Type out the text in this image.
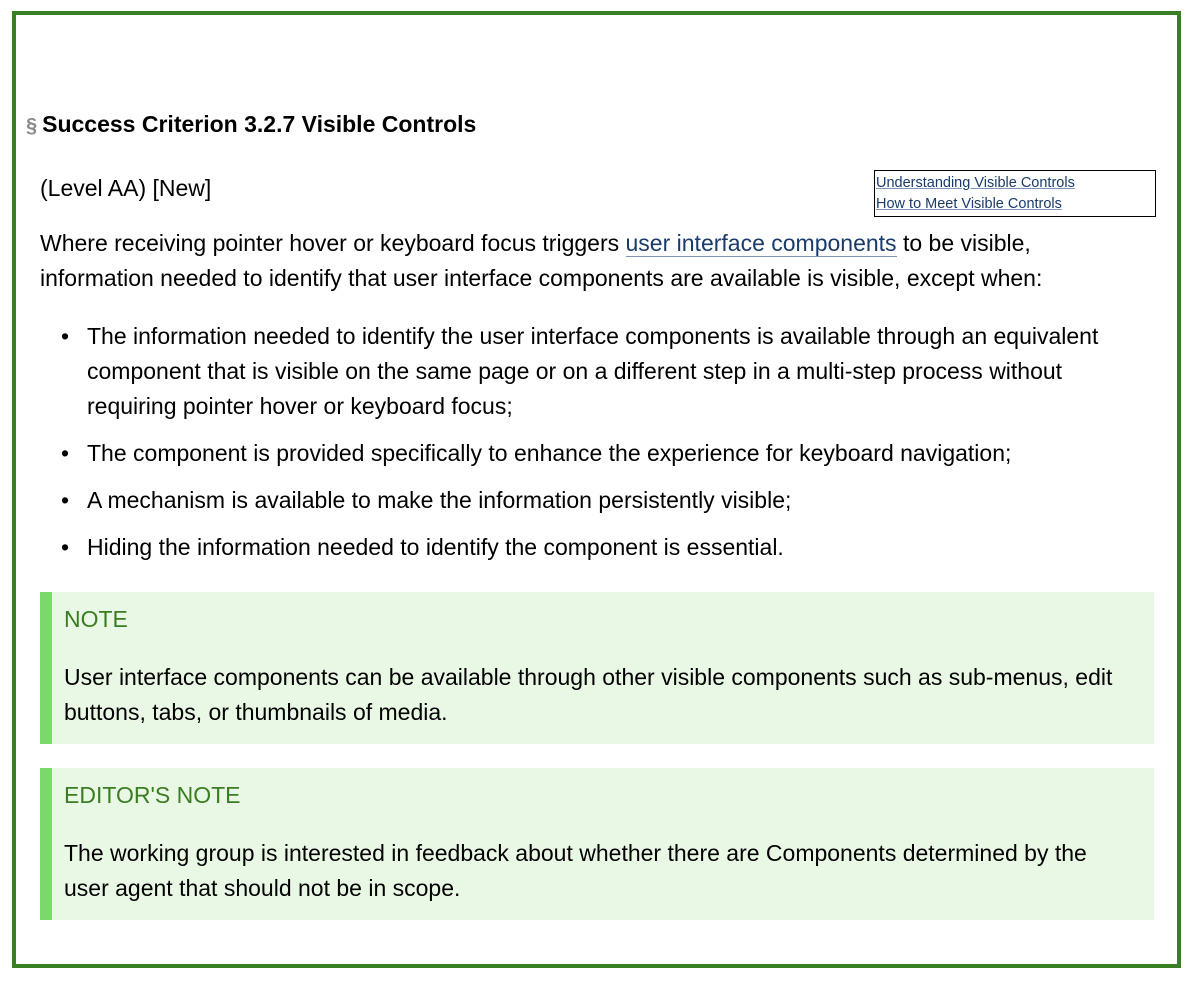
§ Success Criterion 3.2.7 Visible Controls

(Level AA) [New]	Understanding Visible Controls
How to Meet Visible Controls

Where receiving pointer hover or keyboard focus triggers user interface components to be visible, information needed to identify that user interface components are available is visible, except when:

• The information needed to identify the user interface components is available through an equivalent component that is visible on the same page or on a different step in a multi-step process without requiring pointer hover or keyboard focus;
• The component is provided specifically to enhance the experience for keyboard navigation;
• A mechanism is available to make the information persistently visible;
• Hiding the information needed to identify the component is essential.

NOTE

User interface components can be available through other visible components such as sub-menus, edit buttons, tabs, or thumbnails of media.

EDITOR'S NOTE

The working group is interested in feedback about whether there are Components determined by the user agent that should not be in scope.
